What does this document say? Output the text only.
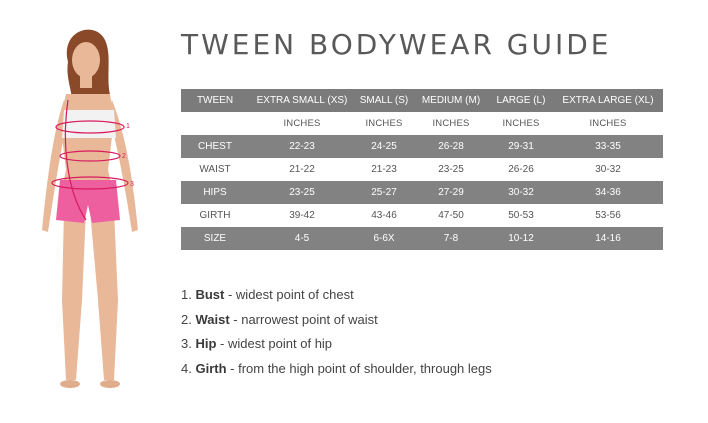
1
2
3
TWEEN BODYWEAR GUIDE
TWEEN	EXTRA SMALL (XS)	SMALL (S)	MEDIUM (M)	LARGE (L)	EXTRA LARGE (XL)
	INCHES	INCHES	INCHES	INCHES	INCHES
CHEST	22-23	24-25	26-28	29-31	33-35
WAIST	21-22	21-23	23-25	26-26	30-32
HIPS	23-25	25-27	27-29	30-32	34-36
GIRTH	39-42	43-46	47-50	50-53	53-56
SIZE	4-5	6-6X	7-8	10-12	14-16
1. Bust - widest point of chest
2. Waist - narrowest point of waist
3. Hip - widest point of hip
4. Girth - from the high point of shoulder, through legs
